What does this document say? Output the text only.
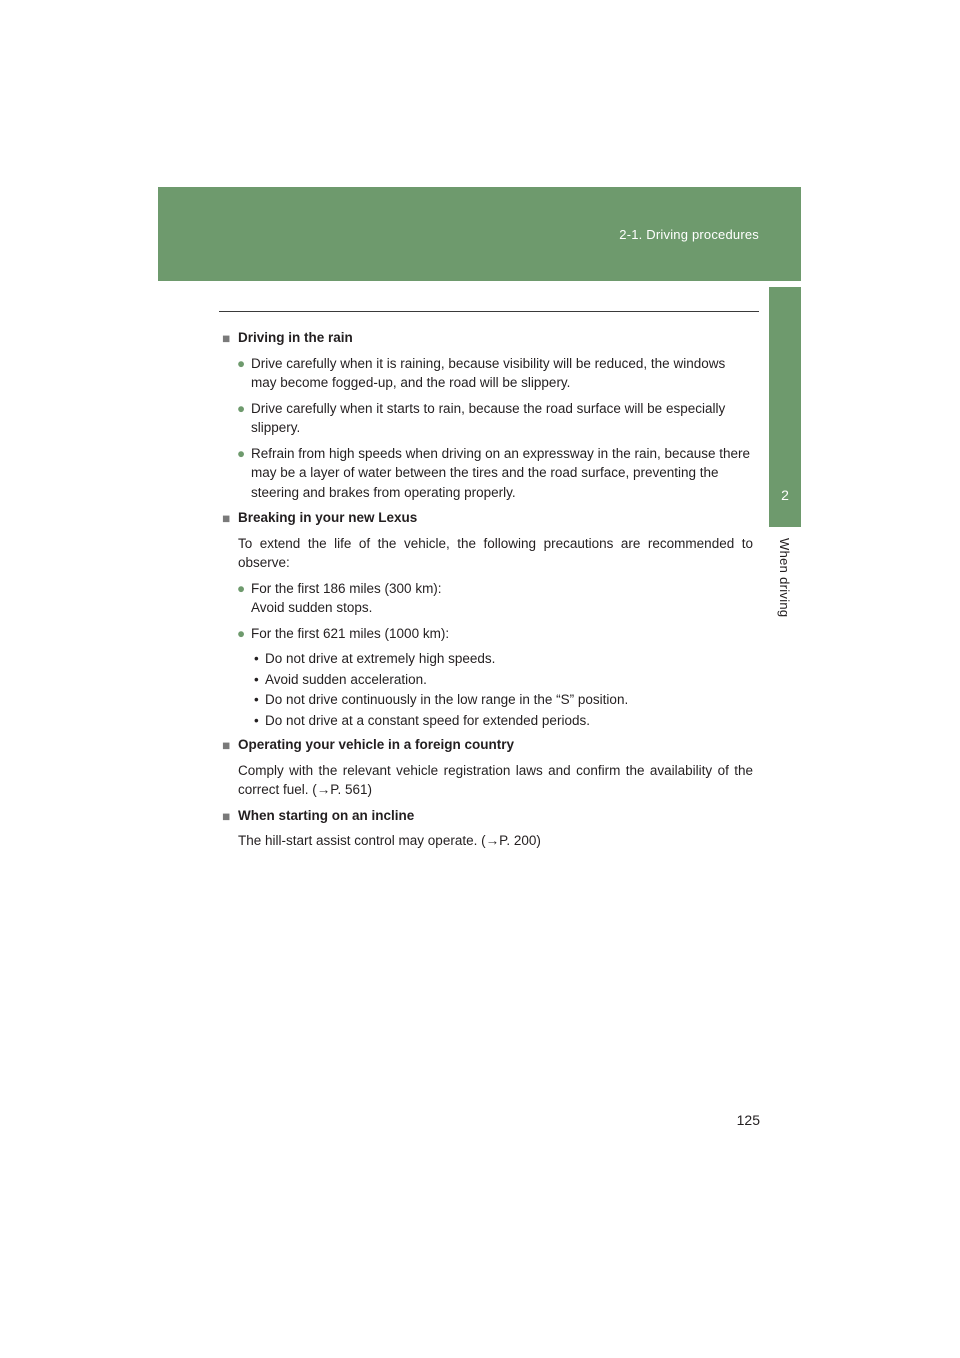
2-1. Driving procedures
2
When driving
■ Driving in the rain
● Drive carefully when it is raining, because visibility will be reduced, the windows may become fogged-up, and the road will be slippery.
● Drive carefully when it starts to rain, because the road surface will be especially slippery.
● Refrain from high speeds when driving on an expressway in the rain, because there may be a layer of water between the tires and the road surface, preventing the steering and brakes from operating properly.
■ Breaking in your new Lexus
To extend the life of the vehicle, the following precautions are recommended to observe:
● For the first 186 miles (300 km):
Avoid sudden stops.
● For the first 621 miles (1000 km):
• Do not drive at extremely high speeds.
• Avoid sudden acceleration.
• Do not drive continuously in the low range in the “S” position.
• Do not drive at a constant speed for extended periods.
■ Operating your vehicle in a foreign country
Comply with the relevant vehicle registration laws and confirm the availability of the correct fuel. (→P. 561)
■ When starting on an incline
The hill-start assist control may operate. (→P. 200)
125
